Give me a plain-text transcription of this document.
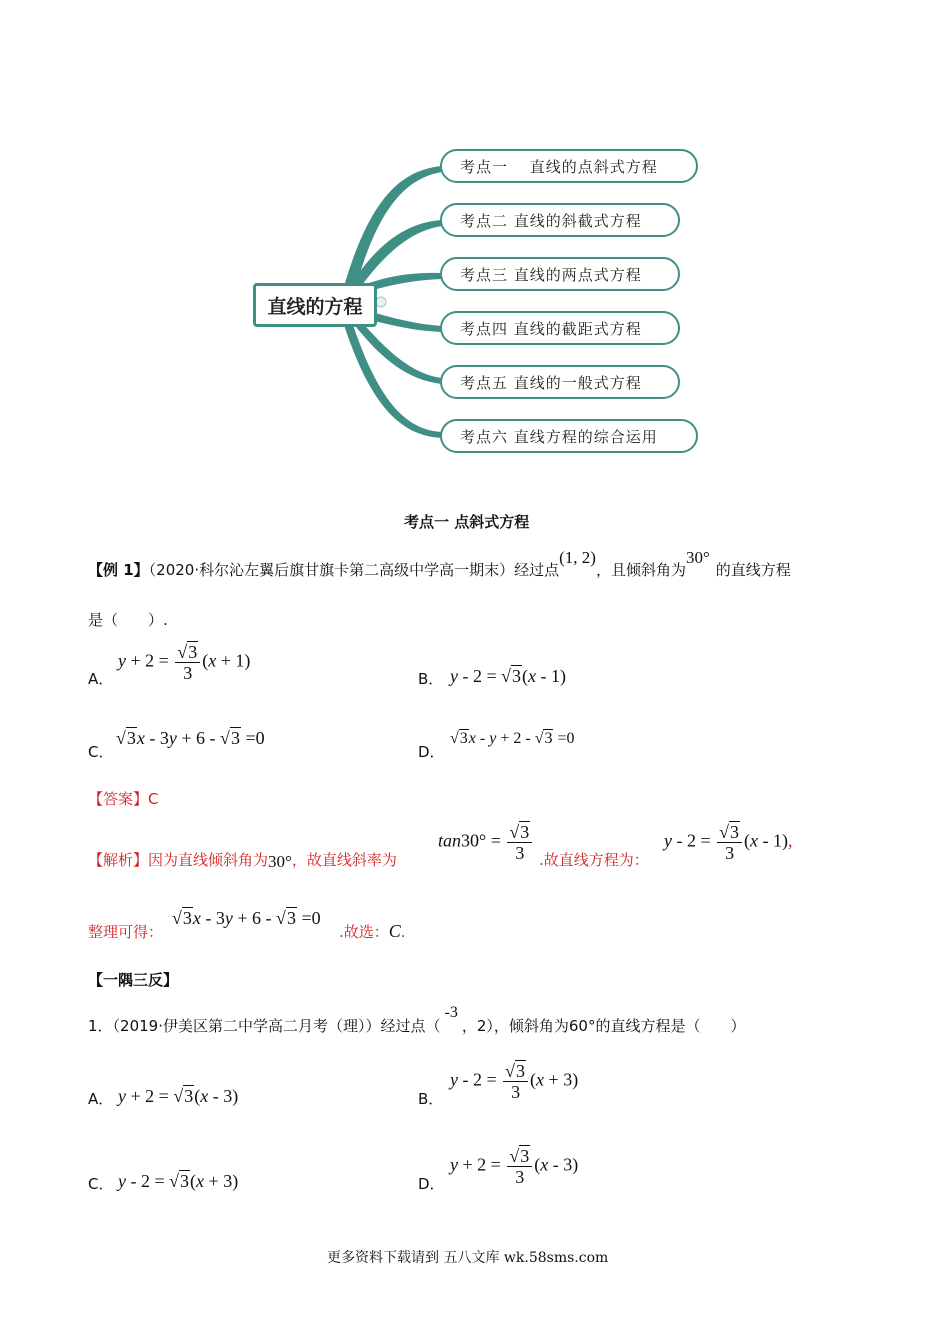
直线的方程
考点一　 直线的点斜式方程
考点二 直线的斜截式方程
考点三 直线的两点式方程
考点四 直线的截距式方程
考点五 直线的一般式方程
考点六 直线方程的综合运用
考点一 点斜式方程
【例 1】（2020·科尔沁左翼后旗甘旗卡第二高级中学高一期末）经过点(1, 2)，且倾斜角为30°的直线方程
是（　　）.
A．
$y + 2 = \frac{√3}{3} (x + 1)$
B． y - 2 = √3(x - 1)
C．
√3x - 3y + 6 - √3 =0
D．
√3x - y + 2 - √3 =0
【答案】C
【解析】因为直线倾斜角为30°，故直线斜率为
$\tan 30^\circ = \frac{√3}{3}$ .故直线方程为：
$y - 2 = \frac{√3}{3} (x - 1)$,
整理可得：
√3x - 3y + 6 - √3 =0
.故选：C.
【一隅三反】
1．（2019·伊美区第二中学高二月考（理））经过点（-3，2），倾斜角为60°的直线方程是（　　）
A． y + 2 = √3(x - 3)	B．
$y - 2 = \frac{√3}{3} (x + 3)$
C． y - 2 = √3(x + 3)	D．
$y + 2 = \frac{√3}{3} (x - 3)$
更多资料下载请到 五八文库 wk.58sms.com
